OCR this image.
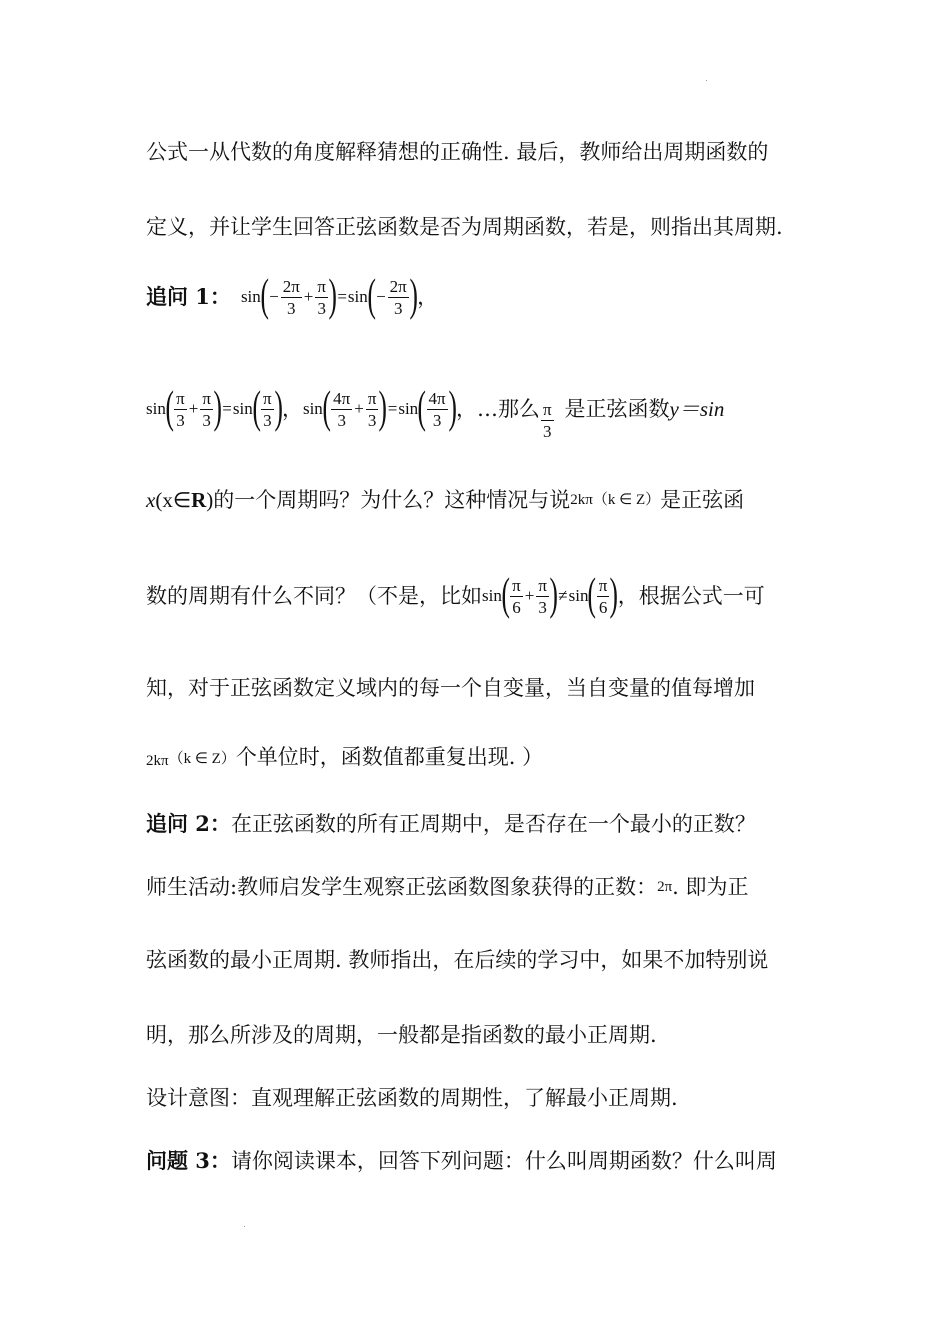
公式一从代数的角度解释猜想的正确性. 最后，教师给出周期函数的
定义，并让学生回答正弦函数是否为周期函数，若是，则指出其周期.
追问 1： sin ( − $\frac{2\pi}{3} + \frac{\pi}{3}$ ) = sin ( − $\frac{2\pi}{3}$ ) ，
sin ( $\frac{\pi}{3} + \frac{\pi}{3}$ ) = sin ( $\frac{\pi}{3}$ ) ， sin ( $\frac{4\pi}{3} + \frac{\pi}{3}$ ) = sin ( $\frac{4\pi}{3}$ ) ， … 那么 $\frac{\pi}{3}$ 是正弦函数 y＝sin
x (x∈ R ) 的一个周期吗？为什么？这种情况与说 2kπ （k ∈ Z） 是正弦函
数的周期有什么不同？（不是，比如 sin ( $\frac{\pi}{6} + \frac{\pi}{3}$ ) ≠ sin ( $\frac{\pi}{6}$ ) ，根据公式一可
知，对于正弦函数定义域内的每一个自变量，当自变量的值每增加
2kπ （k ∈ Z） 个单位时，函数值都重复出现. ）
追问 2： 在正弦函数的所有正周期中，是否存在一个最小的正数？
师生活动:教师启发学生观察正弦函数图象获得的正数： 2π . 即为正
弦函数的最小正周期. 教师指出，在后续的学习中，如果不加特别说
明，那么所涉及的周期，一般都是指函数的最小正周期.
设计意图：直观理解正弦函数的周期性，了解最小正周期.
问题 3： 请你阅读课本，回答下列问题：什么叫周期函数？什么叫周
